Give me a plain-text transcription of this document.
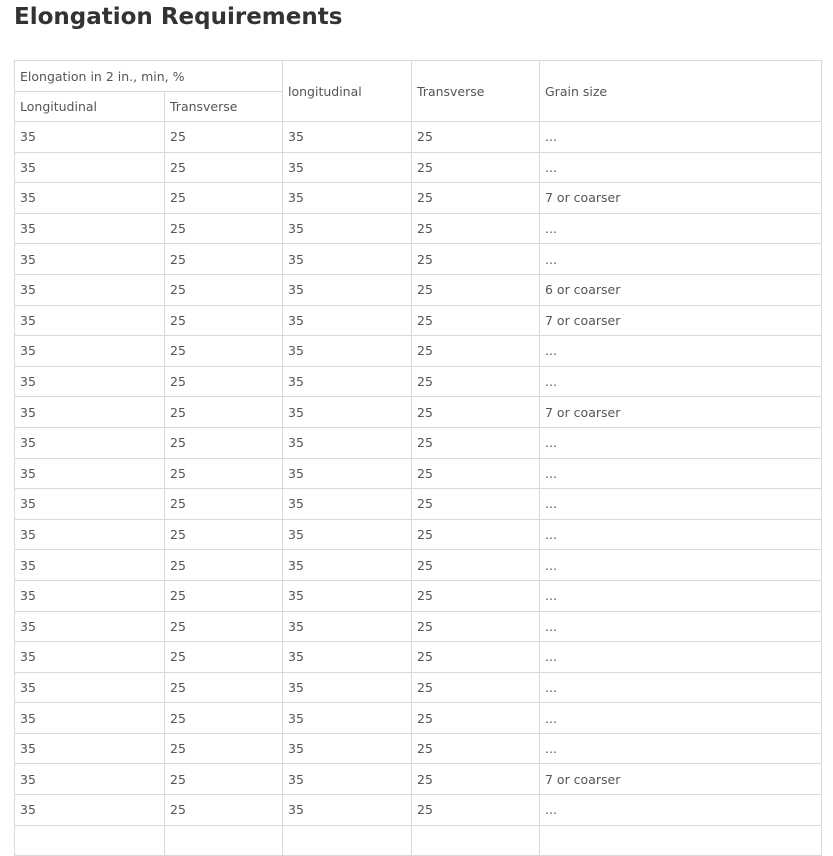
Elongation Requirements
Elongation in 2 in., min, %		longitudinal	Transverse	Grain size
Longitudinal	Transverse			
35	25	35	25	...
35	25	35	25	...
35	25	35	25	7 or coarser
35	25	35	25	...
35	25	35	25	...
35	25	35	25	6 or coarser
35	25	35	25	7 or coarser
35	25	35	25	...
35	25	35	25	...
35	25	35	25	7 or coarser
35	25	35	25	...
35	25	35	25	...
35	25	35	25	...
35	25	35	25	...
35	25	35	25	...
35	25	35	25	...
35	25	35	25	...
35	25	35	25	...
35	25	35	25	...
35	25	35	25	...
35	25	35	25	...
35	25	35	25	7 or coarser
35	25	35	25	...
